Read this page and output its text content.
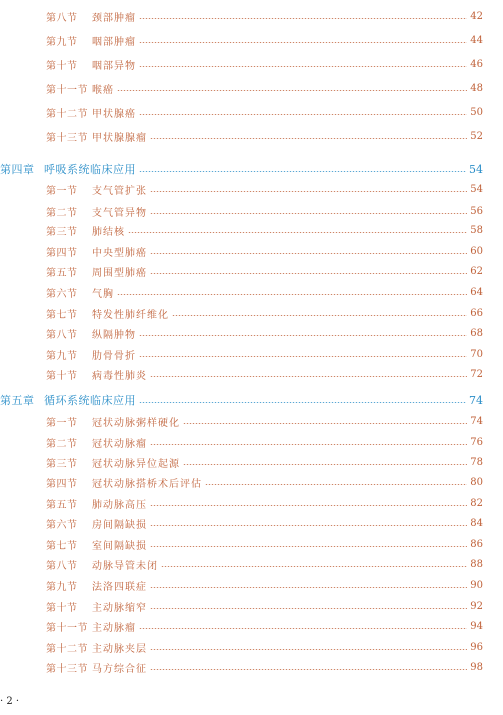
第八节	颈部肿瘤	42
第九节	咽部肿瘤	44
第十节	咽部异物	46
第十一节 喉癌	48
第十二节 甲状腺癌	50
第十三节 甲状腺腺瘤	52
第四章 呼吸系统临床应用	54
第一节	支气管扩张	54
第二节	支气管异物	56
第三节	肺结核	58
第四节	中央型肺癌	60
第五节	周围型肺癌	62
第六节	气胸	64
第七节	特发性肺纤维化	66
第八节	纵隔肿物	68
第九节	肋骨骨折	70
第十节	病毒性肺炎	72
第五章 循环系统临床应用	74
第一节	冠状动脉粥样硬化	74
第二节	冠状动脉瘤	76
第三节	冠状动脉异位起源	78
第四节	冠状动脉搭桥术后评估	80
第五节	肺动脉高压	82
第六节	房间隔缺损	84
第七节	室间隔缺损	86
第八节	动脉导管未闭	88
第九节	法洛四联症	90
第十节	主动脉缩窄	92
第十一节 主动脉瘤	94
第十二节 主动脉夹层	96
第十三节 马方综合征	98
· 2 ·
